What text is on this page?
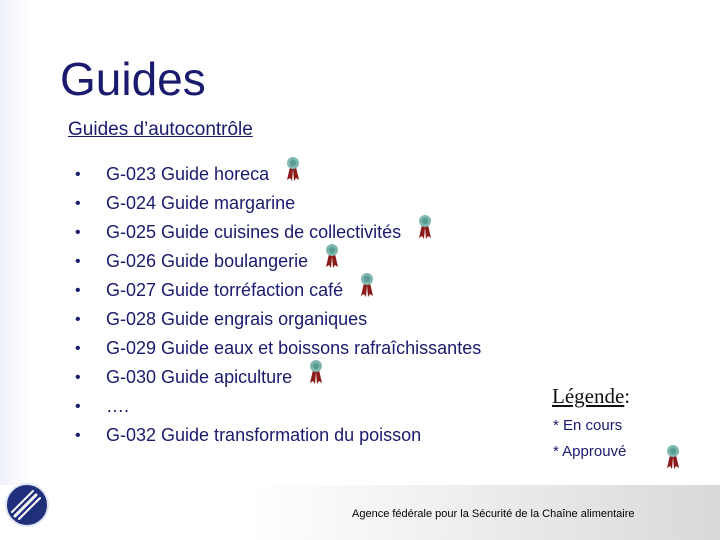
Guides
Guides d’autocontrôle
•	G-023 Guide horeca
•	G-024 Guide margarine
•	G-025 Guide cuisines de collectivités
•	G-026 Guide boulangerie
•	G-027 Guide torréfaction café
•	G-028 Guide engrais organiques
•	G-029 Guide eaux et boissons rafraîchissantes
•	G-030 Guide apiculture
•	….
•	G-032 Guide transformation du poisson
Légende:
* En cours
* Approuvé
Agence fédérale pour la Sécurité de la Chaîne alimentaire
